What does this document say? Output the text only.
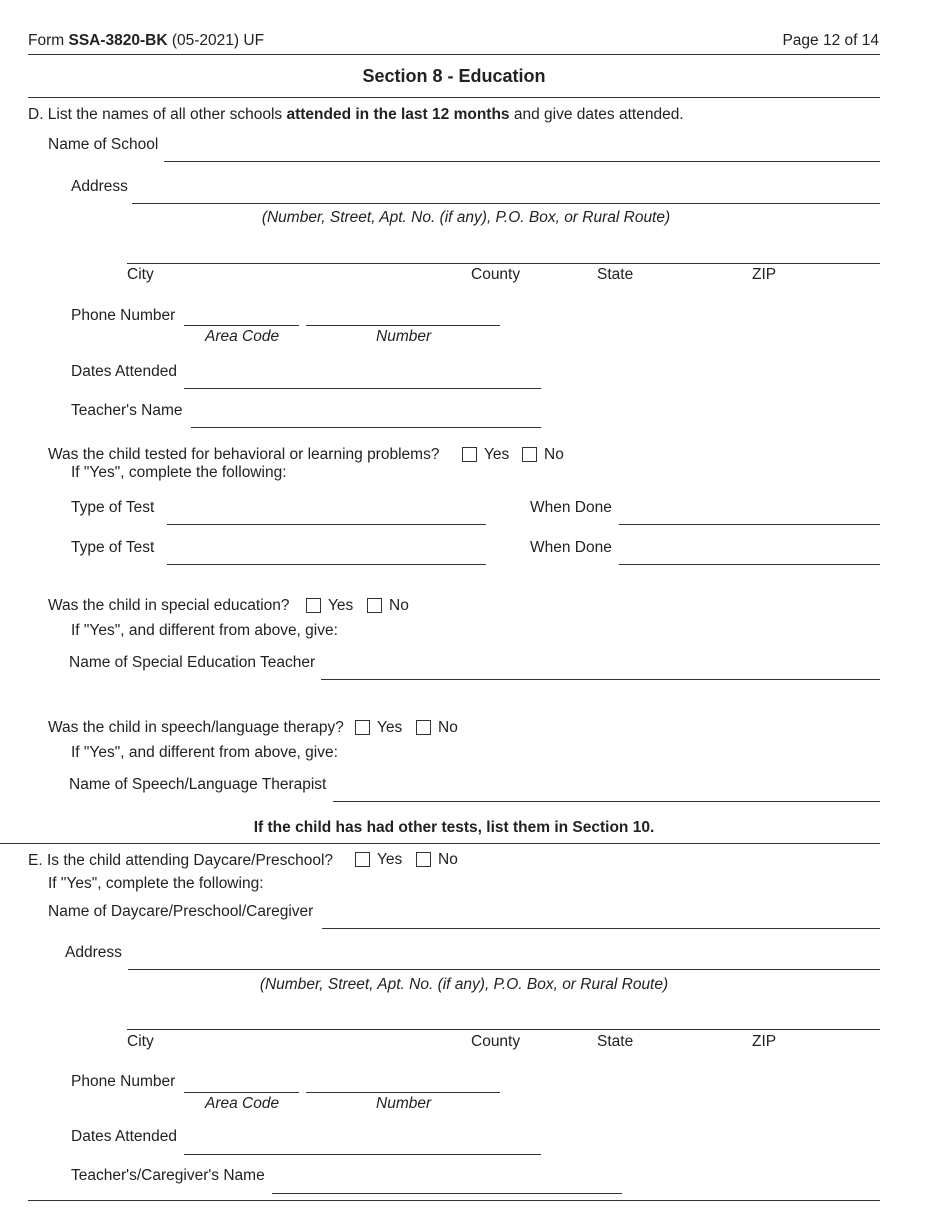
Form SSA-3820-BK (05-2021) UF	Page 12 of 14
Section 8 - Education
D. List the names of all other schools attended in the last 12 months and give dates attended.
Name of School
Address
(Number, Street, Apt. No. (if any), P.O. Box, or Rural Route)
City	County	State	ZIP
Phone Number
Area Code	Number
Dates Attended
Teacher's Name
Was the child tested for behavioral or learning problems?	Yes No
If "Yes", complete the following:
Type of Test	When Done
Type of Test	When Done
Was the child in special education? Yes No
If "Yes", and different from above, give:
Name of Special Education Teacher
Was the child in speech/language therapy? Yes No
If "Yes", and different from above, give:
Name of Speech/Language Therapist
If the child has had other tests, list them in Section 10.
E. Is the child attending Daycare/Preschool?	Yes No
If "Yes", complete the following:
Name of Daycare/Preschool/Caregiver
Address
(Number, Street, Apt. No. (if any), P.O. Box, or Rural Route)
City	County	State	ZIP
Phone Number
Area Code	Number
Dates Attended
Teacher's/Caregiver's Name
